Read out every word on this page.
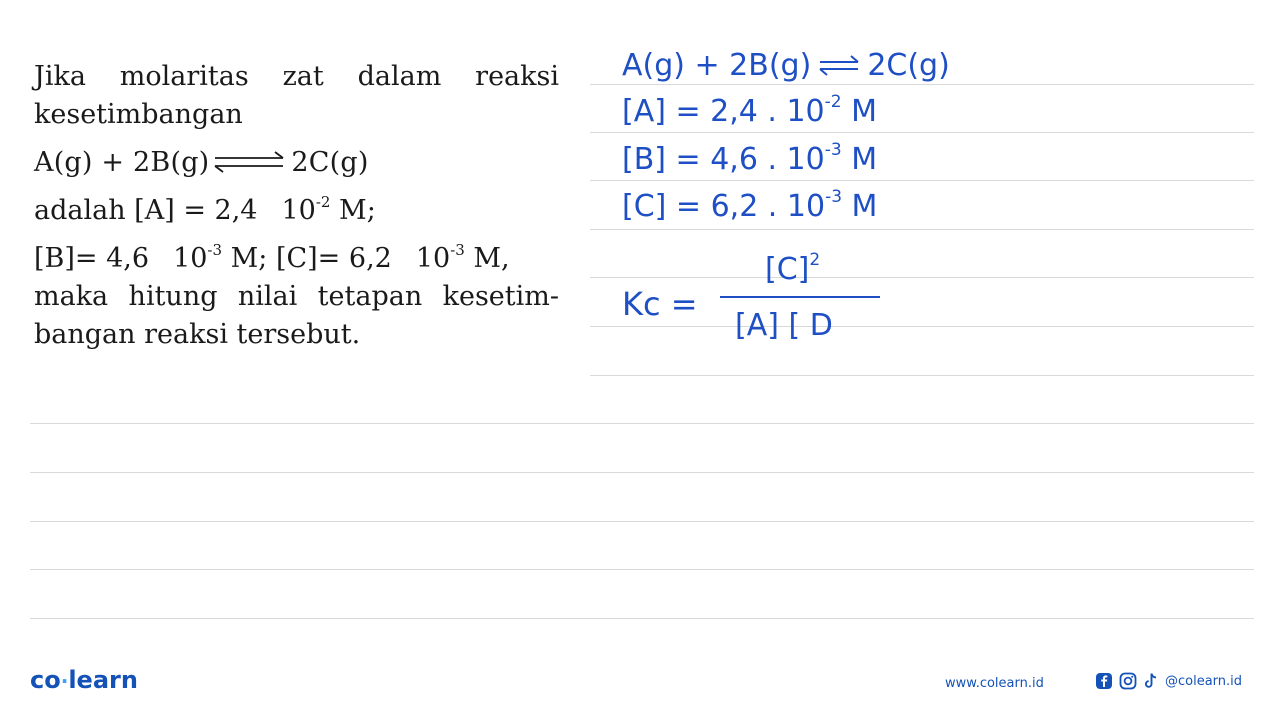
Jika molaritas zat dalam reaksi kesetimbangan

A(g) + 2B(g) ⇌ 2C(g)

adalah [A] = 2,4 $10^{-2}$ M;

[B]= 4,6 $10^{-3}$ M; [C]= 6,2 $10^{-3}$ M,

maka hitung nilai tetapan kesetim- bangan reaksi tersebut.

A(g) + 2B(g) 2C(g)
[A] = 2,4 . $10^{-2}$ M
[B] = 4,6 . $10^{-3}$ M
[C] = 6,2 . $10^{-3}$ M
Kc =
$[C]^2$
[A] [ D
co·learn	www.colearn.id	@colearn.id
